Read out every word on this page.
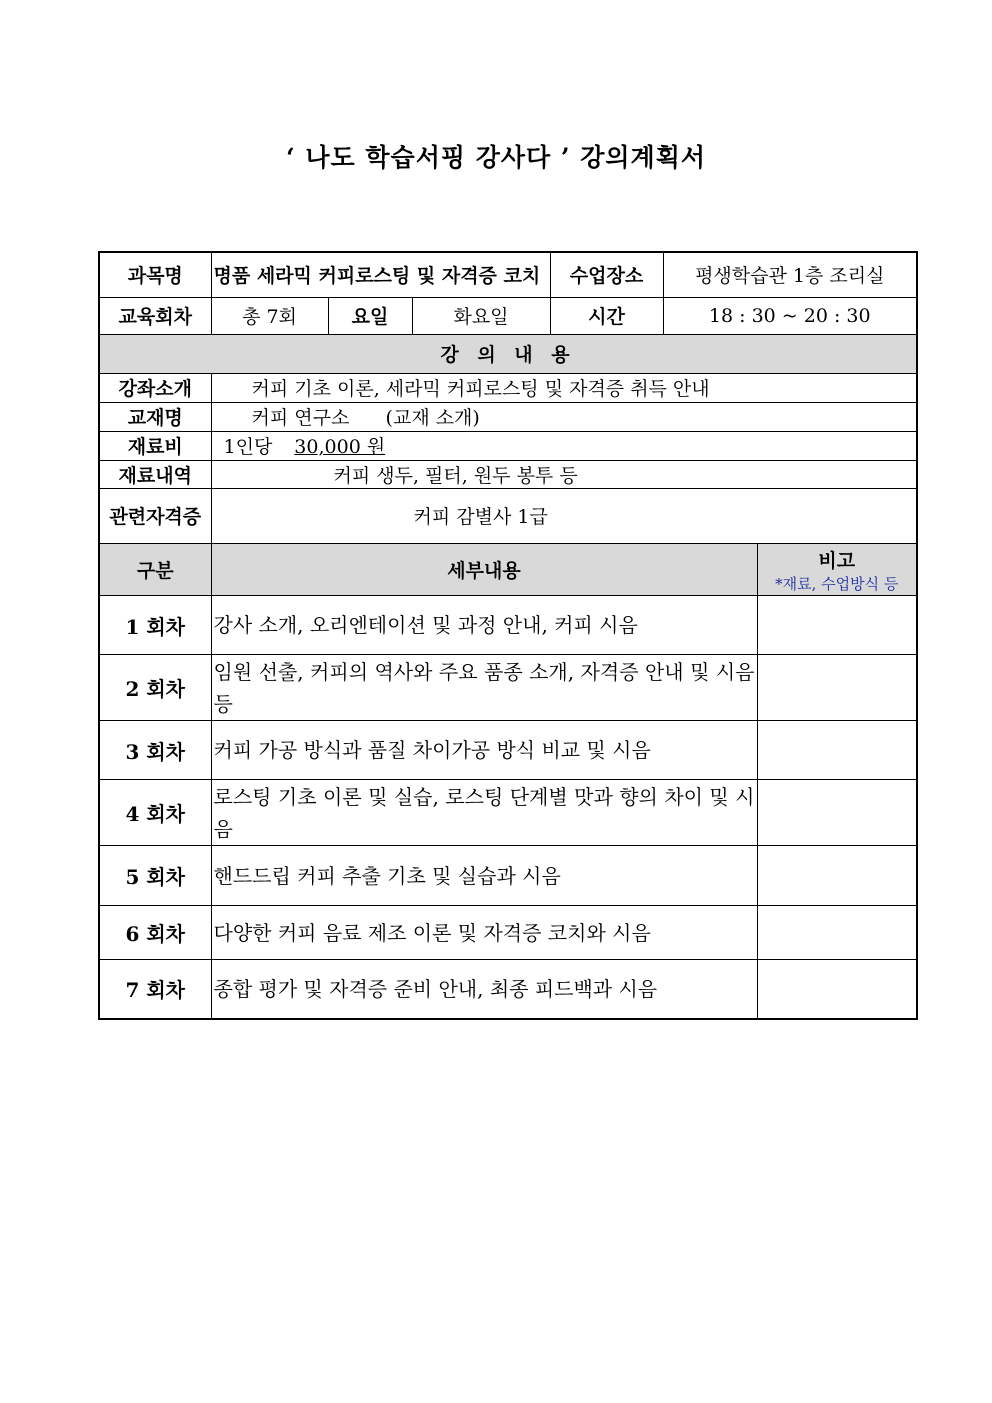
‘ 나도 학습서핑 강사다 ’ 강의계획서
과목명	명품 세라믹 커피로스팅 및 자격증 코치			수업장소	평생학습관 1층 조리실
교육회차	총 7회	요일	화요일	시간	18 : 30 ~ 20 : 30
강 의 내 용					
강좌소개	커피 기초 이론, 세라믹 커피로스팅 및 자격증 취득 안내				
교재명	커피 연구소      (교재 소개)				
재료비	1인당 30,000 원				
재료내역	커피 생두, 필터, 원두 봉투 등				
관련자격증	커피 감별사 1급				
구분	세부내용	비고
*재료, 수업방식 등

1 회차	강사 소개, 오리엔테이션 및 과정 안내, 커피 시음	
2 회차	임원 선출, 커피의 역사와 주요 품종 소개, 자격증 안내 및 시음 등	
3 회차	커피 가공 방식과 품질 차이가공 방식 비교 및 시음	
4 회차	로스팅 기초 이론 및 실습, 로스팅 단계별 맛과 향의 차이 및 시음	
5 회차	핸드드립 커피 추출 기초 및 실습과 시음	
6 회차	다양한 커피 음료 제조 이론 및 자격증 코치와 시음	
7 회차	종합 평가 및 자격증 준비 안내, 최종 피드백과 시음	
